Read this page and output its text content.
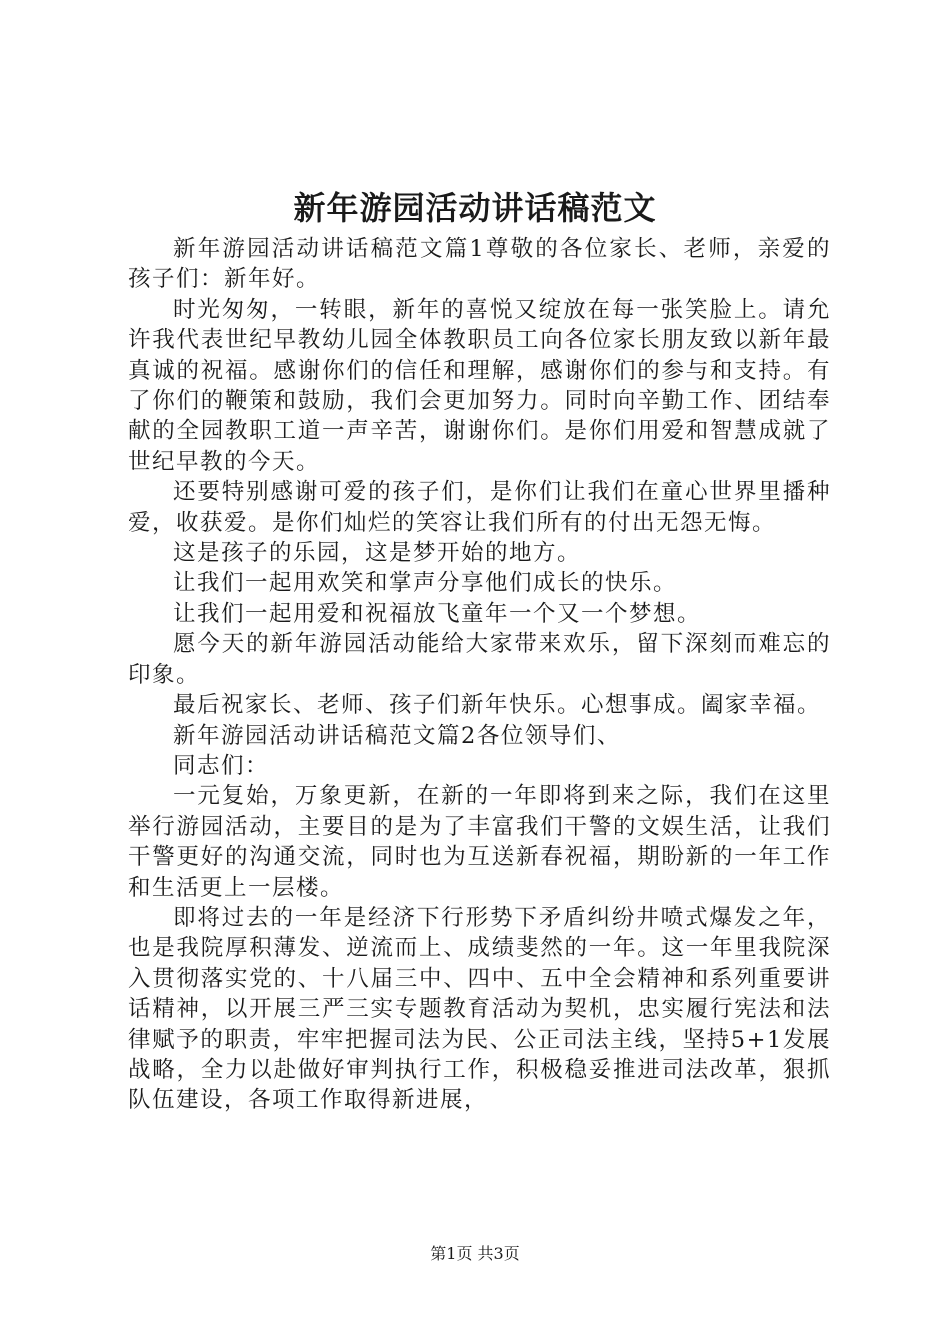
新年游园活动讲话稿范文

新年游园活动讲话稿范文篇1尊敬的各位家长、老师，亲爱的孩子们：新年好。

时光匆匆，一转眼，新年的喜悦又绽放在每一张笑脸上。请允许我代表世纪早教幼儿园全体教职员工向各位家长朋友致以新年最真诚的祝福。感谢你们的信任和理解，感谢你们的参与和支持。有了你们的鞭策和鼓励，我们会更加努力。同时向辛勤工作、团结奉献的全园教职工道一声辛苦，谢谢你们。是你们用爱和智慧成就了世纪早教的今天。

还要特别感谢可爱的孩子们，是你们让我们在童心世界里播种爱，收获爱。是你们灿烂的笑容让我们所有的付出无怨无悔。

这是孩子的乐园，这是梦开始的地方。

让我们一起用欢笑和掌声分享他们成长的快乐。

让我们一起用爱和祝福放飞童年一个又一个梦想。

愿今天的新年游园活动能给大家带来欢乐，留下深刻而难忘的印象。

最后祝家长、老师、孩子们新年快乐。心想事成。阖家幸福。

新年游园活动讲话稿范文篇2各位领导们、

同志们：

一元复始，万象更新，在新的一年即将到来之际，我们在这里举行游园活动，主要目的是为了丰富我们干警的文娱生活，让我们干警更好的沟通交流，同时也为互送新春祝福，期盼新的一年工作和生活更上一层楼。

即将过去的一年是经济下行形势下矛盾纠纷井喷式爆发之年，也是我院厚积薄发、逆流而上、成绩斐然的一年。这一年里我院深入贯彻落实党的、十八届三中、四中、五中全会精神和系列重要讲话精神，以开展三严三实专题教育活动为契机，忠实履行宪法和法律赋予的职责，牢牢把握司法为民、公正司法主线，坚持5+1发展战略，全力以赴做好审判执行工作，积极稳妥推进司法改革，狠抓队伍建设，各项工作取得新进展，

第1页 共3页
